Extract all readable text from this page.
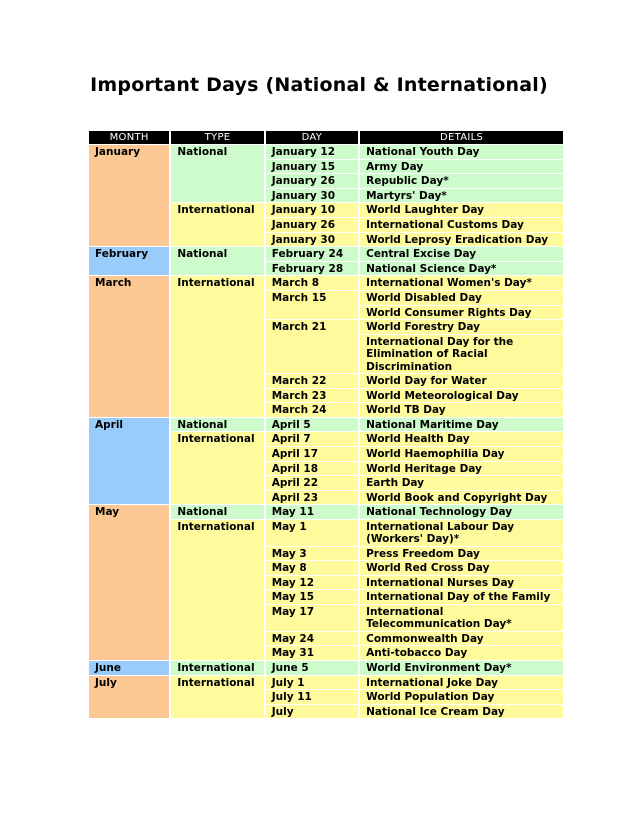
Important Days (National & International)
MONTH	TYPE	DAY	DETAILS
January	National	January 12	National Youth Day
		January 15	Army Day
		January 26	Republic Day*
		January 30	Martyrs' Day*
	International	January 10	World Laughter Day
		January 26	International Customs Day
		January 30	World Leprosy Eradication Day
February	National	February 24	Central Excise Day
		February 28	National Science Day*
March	International	March 8	International Women's Day*
		March 15	World Disabled Day
			World Consumer Rights Day
		March 21	World Forestry Day
			International Day for the Elimination of Racial Discrimination
		March 22	World Day for Water
		March 23	World Meteorological Day
		March 24	World TB Day
April	National	April 5	National Maritime Day
	International	April 7	World Health Day
		April 17	World Haemophilia Day
		April 18	World Heritage Day
		April 22	Earth Day
		April 23	World Book and Copyright Day
May	National	May 11	National Technology Day
	International	May 1	International Labour Day (Workers' Day)*
		May 3	Press Freedom Day
		May 8	World Red Cross Day
		May 12	International Nurses Day
		May 15	International Day of the Family
		May 17	International Telecommunication Day*
		May 24	Commonwealth Day
		May 31	Anti-tobacco Day
June	International	June 5	World Environment Day*
July	International	July 1	International Joke Day
		July 11	World Population Day
		July	National Ice Cream Day
